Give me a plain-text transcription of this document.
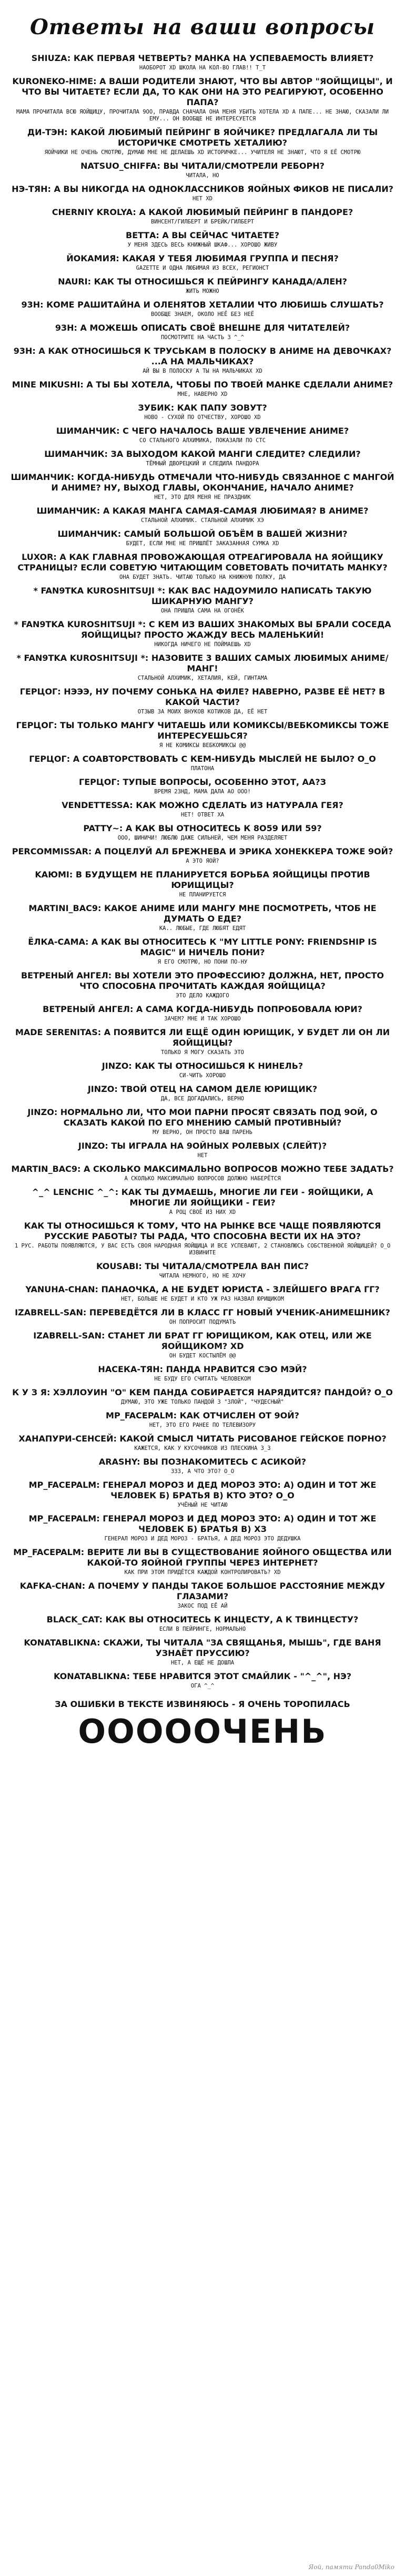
Ответы на ваши вопросы

SHIUZA: КАК ПЕРВАЯ ЧЕТВЕРТЬ? МАНКА НА УСПЕВАЕМОСТЬ ВЛИЯЕТ?

НАОБОРОТ XD ШКОЛА НА КОЛ-ВО ГЛАВ!! Т_Т

KURONEKO-HIME: А ВАШИ РОДИТЕЛИ ЗНАЮТ, ЧТО ВЫ АВТОР "ЯОЙЩИЦЫ", И ЧТО ВЫ ЧИТАЕТЕ? ЕСЛИ ДА, ТО КАК ОНИ НА ЭТО РЕАГИРУЮТ, ОСОБЕННО ПАПА?

МАМА ПРОЧИТАЛА ВСЮ ЯОЙЩИЦУ, ПРОЧИТАЛА 9ОО, ПРАВДА СНАЧАЛА ОНА МЕНЯ УБИТЬ ХОТЕЛА XD А ПАПЕ... НЕ ЗНАЮ, СКАЗАЛИ ЛИ ЕМУ... ОН ВООБЩЕ НЕ ИНТЕРЕСУЕТСЯ

ДИ-ТЭН: КАКОЙ ЛЮБИМЫЙ ПЕЙРИНГ В ЯОЙЧИКЕ? ПРЕДЛАГАЛА ЛИ ТЫ ИСТОРИЧКЕ СМОТРЕТЬ ХЕТАЛИЮ?

ЯОЙЧИКИ НЕ ОЧЕНЬ СМОТРЮ, ДУМАЮ МНЕ НЕ ДЕЛАЕШЬ XD ИСТОРИЧКЕ... УЧИТЕЛЯ НЕ ЗНАЮТ, ЧТО Я ЕЁ СМОТРЮ

NATSUO_CHIFFA: ВЫ ЧИТАЛИ/СМОТРЕЛИ РЕБОРН?

ЧИТАЛА, НО

НЭ-ТЯН: А ВЫ НИКОГДА НА ОДНОКЛАССНИКОВ ЯОЙНЫХ ФИКОВ НЕ ПИСАЛИ?

НЕТ XD

CHERNIY KROLYA: А КАКОЙ ЛЮБИМЫЙ ПЕЙРИНГ В ПАНДОРЕ?

ВИНСЕНТ/ГИЛБЕРТ И БРЕЙК/ГИЛБЕРТ

ВЕТТА: А ВЫ СЕЙЧАС ЧИТАЕТЕ?

У МЕНЯ ЗДЕСЬ ВЕСЬ КНИЖНЫЙ ШКАФ... ХОРОШО ЖИВУ

ЙОКАМИЯ: КАКАЯ У ТЕБЯ ЛЮБИМАЯ ГРУППА И ПЕСНЯ?

GAZETTE И ОДНА ЛЮБИМАЯ ИЗ ВСЕХ, РЕГИОНСТ

NAURI: КАК ТЫ ОТНОСИШЬСЯ К ПЕЙРИНГУ КАНАДА/АЛЕН?

ЖИТЬ МОЖНО

93Н: КОМЕ РАШИТАЙНА И ОЛЕНЯТОВ ХЕТАЛИИ ЧТО ЛЮБИШЬ СЛУШАТЬ?

ВООБЩЕ ЗНАЕМ, ОКОЛО НЕЁ БЕЗ НЕЁ

93Н: А МОЖЕШЬ ОПИСАТЬ СВОЁ ВНЕШНЕ ДЛЯ ЧИТАТЕЛЕЙ?

ПОСМОТРИТЕ НА ЧАСТЬ 3 ^_^

93Н: А КАК ОТНОСИШЬСЯ К ТРУСЬКАМ В ПОЛОСКУ В АНИМЕ НА ДЕВОЧКАХ? ...А НА МАЛЬЧИКАХ?

АЙ ВЫ В ПОЛОСКУ А ТЫ НА МАЛЬЧИКАХ XD

MINE MIKUSHI: А ТЫ БЫ ХОТЕЛА, ЧТОБЫ ПО ТВОЕЙ МАНКЕ СДЕЛАЛИ АНИМЕ?

МНЕ, НАВЕРНО XD

ЗУБИК: КАК ПАПУ ЗОВУТ?

НОВО - СУХОЙ ПО ОТЧЕСТВУ, ХОРОШО XD

ШИМАНЧИК: С ЧЕГО НАЧАЛОСЬ ВАШЕ УВЛЕЧЕНИЕ АНИМЕ?

СО СТАЛЬНОГО АЛХИМИКА, ПОКАЗАЛИ ПО СТС

ШИМАНЧИК: ЗА ВЫХОДОМ КАКОЙ МАНГИ СЛЕДИТЕ? СЛЕДИЛИ?

ТЁМНЫЙ ДВОРЕЦКИЙ И СЛЕДИЛА ПАНДОРА

ШИМАНЧИК: КОГДА-НИБУДЬ ОТМЕЧАЛИ ЧТО-НИБУДЬ СВЯЗАННОЕ С МАНГОЙ И АНИМЕ? НУ, ВЫХОД ГЛАВЫ, ОКОНЧАНИЕ, НАЧАЛО АНИМЕ?

НЕТ, ЭТО ДЛЯ МЕНЯ НЕ ПРАЗДНИК

ШИМАНЧИК: А КАКАЯ МАНГА САМАЯ-САМАЯ ЛЮБИМАЯ? В АНИМЕ?

СТАЛЬНОЙ АЛХИМИК. СТАЛЬНОЙ АЛХИМИК ХЭ

ШИМАНЧИК: САМЫЙ БОЛЬШОЙ ОБЪЁМ В ВАШЕЙ ЖИЗНИ?

БУДЕТ, ЕСЛИ МНЕ НЕ ПРИШЛЁТ ЗАКАЗАННАЯ СУМКА XD

LUXOR: А КАК ГЛАВНАЯ ПРОВОЖАЮЩАЯ ОТРЕАГИРОВАЛА НА ЯОЙЩИКУ СТРАНИЦЫ? ЕСЛИ СОВЕТУЮ ЧИТАЮЩИМ СОВЕТОВАТЬ ПОЧИТАТЬ МАНКУ?

ОНА БУДЕТ ЗНАТЬ. ЧИТАЮ ТОЛЬКО НА КНИЖНУЮ ПОЛКУ, ДА

* FAN9TKA KUROSHITSUJI *: КАК ВАС НАДОУМИЛО НАПИСАТЬ ТАКУЮ ШИКАРНУЮ МАНГУ?

ОНА ПРИШЛА САМА НА ОГОНЁК

* FAN9TKA KUROSHITSUJI *: С КЕМ ИЗ ВАШИХ ЗНАКОМЫХ ВЫ БРАЛИ СОСЕДА ЯОЙЩИЦЫ? ПРОСТО ЖАЖДУ ВЕСЬ МАЛЕНЬКИЙ!

НИКОГДА НИЧЕГО НЕ ПОЙМАЕШЬ XD

* FAN9TKA KUROSHITSUJI *: НАЗОВИТЕ 3 ВАШИХ САМЫХ ЛЮБИМЫХ АНИМЕ/МАНГ!

СТАЛЬНОЙ АЛХИМИК, ХЕТАЛИЯ, КЕЙ, ГИНТАМА

ГЕРЦОГ: НЭЭЭ, НУ ПОЧЕМУ СОНЬКА НА ФИЛЕ? НАВЕРНО, РАЗВЕ ЕЁ НЕТ? В КАКОЙ ЧАСТИ?

ОТЗЫВ ЗА МОИХ ВНУКОВ КОТИКОВ ДА, ЕЁ НЕТ

ГЕРЦОГ: ТЫ ТОЛЬКО МАНГУ ЧИТАЕШЬ ИЛИ КОМИКСЫ/ВЕБКОМИКСЫ ТОЖЕ ИНТЕРЕСУЕШЬСЯ?

Я НЕ КОМИКСЫ ВЕБКОМИКСЫ @@

ГЕРЦОГ: А СОАВТОРСТВОВАТЬ С КЕМ-НИБУДЬ МЫСЛЕЙ НЕ БЫЛО? О_О

ПЛАТОНА

ГЕРЦОГ: ТУПЫЕ ВОПРОСЫ, ОСОБЕННО ЭТОТ, АА?З

ВРЕМЯ 23НД, МАМА ДАЛА АО ООО!

VENDETTESSA: КАК МОЖНО СДЕЛАТЬ ИЗ НАТУРАЛА ГЕЯ?

НЕТ! ОТВЕТ ХА

PATTY~: А КАК ВЫ ОТНОСИТЕСЬ К 8О59 ИЛИ 59?

ООО, ШИНИЧИ! ЛЮБЛЮ ДАЖЕ СИЛЬНЕЙ, ЧЕМ МЕНЯ РАЗДЕЛЯЕТ

PERCOMMISSAR: А ПОЦЕЛУЙ АЛ БРЕЖНЕВА И ЭРИКА ХОНЕККЕРА ТОЖЕ 9ОЙ?

А ЭТО ЯОЙ?

KAЮMI: В БУДУЩЕМ НЕ ПЛАНИРУЕТСЯ БОРЬБА ЯОЙЩИЦЫ ПРОТИВ ЮРИЩИЦЫ?

НЕ ПЛАНИРУЕТСЯ

MARTINI_BAC9: КАКОЕ АНИМЕ ИЛИ МАНГУ МНЕ ПОСМОТРЕТЬ, ЧТОБ НЕ ДУМАТЬ О ЕДЕ?

КА.. ЛЮБЫЕ, ГДЕ ЛЮБЯТ ЕДЯТ

ЁЛКА-САМА: А КАК ВЫ ОТНОСИТЕСЬ К "MY LITTLE PONY: FRIENDSHIP IS MAGIC" И НИЧЕЛЬ ПОНИ?

Я ЕГО СМОТРЮ, НО ПОНИ ПО-НУ

ВЕТРЕНЫЙ АНГЕЛ: ВЫ ХОТЕЛИ ЭТО ПРОФЕССИЮ? ДОЛЖНА, НЕТ, ПРОСТО ЧТО СПОСОБНА ПРОЧИТАТЬ КАЖДАЯ ЯОЙЩИЦА?

ЭТО ДЕЛО КАЖДОГО

ВЕТРЕНЫЙ АНГЕЛ: А САМА КОГДА-НИБУДЬ ПОПРОБОВАЛА ЮРИ?

ЗАЧЕМ? МНЕ И ТАК ХОРОШО

MADE SERENITAS: А ПОЯВИТСЯ ЛИ ЕЩЁ ОДИН ЮРИЩИК, У БУДЕТ ЛИ ОН ЛИ ЯОЙЩИЦЫ?

ТОЛЬКО Я МОГУ СКАЗАТЬ ЭТО

JINZO: КАК ТЫ ОТНОСИШЬСЯ К НИНЕЛЬ?

СИ-ЧИТЬ ХОРОШО

JINZO: ТВОЙ ОТЕЦ НА САМОМ ДЕЛЕ ЮРИЩИК?

ДА, ВСЕ ДОГАДАЛИСЬ, ВЕРНО

JINZO: НОРМАЛЬНО ЛИ, ЧТО МОИ ПАРНИ ПРОСЯТ СВЯЗАТЬ ПОД 9ОЙ, О СКАЗАТЬ КАКОЙ ПО ЕГО МНЕНИЮ САМЫЙ ПРОТИВНЫЙ?

МУ ВЕРНО, ОН ПРОСТО ВАШ ПАРЕНЬ

JINZO: ТЫ ИГРАЛА НА 9ОЙНЫХ РОЛЕВЫХ (СЛЕЙТ)?

НЕТ

MARTIN_BAC9: А СКОЛЬКО МАКСИМАЛЬНО ВОПРОСОВ МОЖНО ТЕБЕ ЗАДАТЬ?

А СКОЛЬКО МАКСИМАЛЬНО ВОПРОСОВ ДОЛЖНО НАБЕРЁТСЯ

^_^ LENCHIC ^_^: КАК ТЫ ДУМАЕШЬ, МНОГИЕ ЛИ ГЕИ - ЯОЙЩИКИ, А МНОГИЕ ЛИ ЯОЙЩИКИ - ГЕИ?

А РОЦ СВОЁ ИЗ НИХ XD

КАК ТЫ ОТНОСИШЬСЯ К ТОМУ, ЧТО НА РЫНКЕ ВСЕ ЧАЩЕ ПОЯВЛЯЮТСЯ РУССКИЕ РАБОТЫ? ТЫ РАДА, ЧТО СПОСОБНА ВЕСТИ ИХ НА ЭТО?

1 РУС. РАБОТЫ ПОЯВЛЯЮТСЯ, У ВАС ЕСТЬ СВОЯ НАРОДНАЯ ЯОЙЩИЦА И ВСЕ УСПЕВАЮТ, 2 СТАНОВЛЮСЬ СОБСТВЕННОЙ ЯОЙЩИЦЕЙ? О_О ИЗВИНИТЕ

KOUSABI: ТЫ ЧИТАЛА/СМОТРЕЛА ВАН ПИС?

ЧИТАЛА НЕМНОГО, НО НЕ ХОЧУ

YANUHA-CHAN: ПАНАОЧКА, А НЕ БУДЕТ ЮРИСТА - ЗЛЕЙШЕГО ВРАГА ГГ?

НЕТ, БОЛЬШЕ НЕ БУДЕТ И КТО УЖ РАЗ НАЗВАЛ ЮРИЩИКОМ

IZABRELL-SAN: ПЕРЕВЕДЁТСЯ ЛИ В КЛАСС ГГ НОВЫЙ УЧЕНИК-АНИМЕШНИК?

ОН ПОПРОСИТ ПОДУМАТЬ

IZABRELL-SAN: СТАНЕТ ЛИ БРАТ ГГ ЮРИЩИКОМ, КАК ОТЕЦ, ИЛИ ЖЕ ЯОЙЩИКОМ? XD

ОН БУДЕТ КОСТЫЛЁМ @@

НАСЕКА-ТЯН: ПАНДА НРАВИТСЯ СЭО МЭЙ?

НЕ БУДУ ЕГО СЧИТАТЬ ЧЕЛОВЕКОМ

К У З Я: ХЭЛЛОУИН "О" КЕМ ПАНДА СОБИРАЕТСЯ НАРЯДИТСЯ? ПАНДОЙ? О_О

ДУМАЮ, ЭТО УЖЕ ТОЛЬКО ПАНДОЙ 3 "ЗЛОЙ", "ЧУДЕСНЫЙ"

MP_FACEPALM: КАК ОТЧИСЛЕН ОТ 9ОЙ?

НЕТ, ЭТО ЕГО РАНЕЕ ПО ТЕЛЕВИЗОРУ

ХАНАПУРИ-СЕНСЕЙ: КАКОЙ СМЫСЛ ЧИТАТЬ РИСОВАНОЕ ГЕЙСКОЕ ПОРНО?

КАЖЕТСЯ, КАК У КУСОЧНИКОВ ИЗ ПЛЕСКИНА 3_3

ARASHY: ВЫ ПОЗНАКОМИТЕСЬ С АСИКОЙ?

333, А ЧТО ЭТО? О_О

MP_FACEPALM: ГЕНЕРАЛ МОРОЗ И ДЕД МОРОЗ ЭТО: А) ОДИН И ТОТ ЖЕ ЧЕЛОВЕК Б) БРАТЬЯ В) КТО ЭТО? О_О

УЧЁНЫЙ НЕ ЧИТАЮ

MP_FACEPALM: ГЕНЕРАЛ МОРОЗ И ДЕД МОРОЗ ЭТО: А) ОДИН И ТОТ ЖЕ ЧЕЛОВЕК Б) БРАТЬЯ В) ХЗ

ГЕНЕРАЛ МОРОЗ И ДЕД МОРОЗ - БРАТЬЯ, А ДЕД МОРОЗ ЭТО ДЕДУШКА

MP_FACEPALM: ВЕРИТЕ ЛИ ВЫ В СУЩЕСТВОВАНИЕ ЯОЙНОГО ОБЩЕСТВА ИЛИ КАКОЙ-ТО ЯОЙНОЙ ГРУППЫ ЧЕРЕЗ ИНТЕРНЕТ?

КАК ПРИ ЭТОМ ПРИДЁТСЯ КАЖДОЙ КОНТРОЛИРОВАТЬ? XD

KAFKA-CHAN: А ПОЧЕМУ У ПАНДЫ ТАКОЕ БОЛЬШОЕ РАССТОЯНИЕ МЕЖДУ ГЛАЗАМИ?

ЗАКОС ПОД ЕЁ АЙ

BLACK_CAT: КАК ВЫ ОТНОСИТЕСЬ К ИНЦЕСТУ, А К ТВИНЦЕСТУ?

ЕСЛИ В ПЕЙРИНГЕ, НОРМАЛЬНО

KONATABLIKNA: СКАЖИ, ТЫ ЧИТАЛА "ЗА СВЯЩАНЬЯ, МЫШЬ", ГДЕ ВАНЯ УЗНАЁТ ПРУССИЮ?

НЕТ, А ЕЩЁ НЕ ДОШЛА

KONATABLIKNA: ТЕБЕ НРАВИТСЯ ЭТОТ СМАЙЛИК - "^_^", НЭ?

ОГА ^_^

ЗА ОШИБКИ В ТЕКСТЕ ИЗВИНЯЮСЬ - Я ОЧЕНЬ ТОРОПИЛАСЬ
ОООООЧЕНЬ
Яой, памяти Panda0Miko
